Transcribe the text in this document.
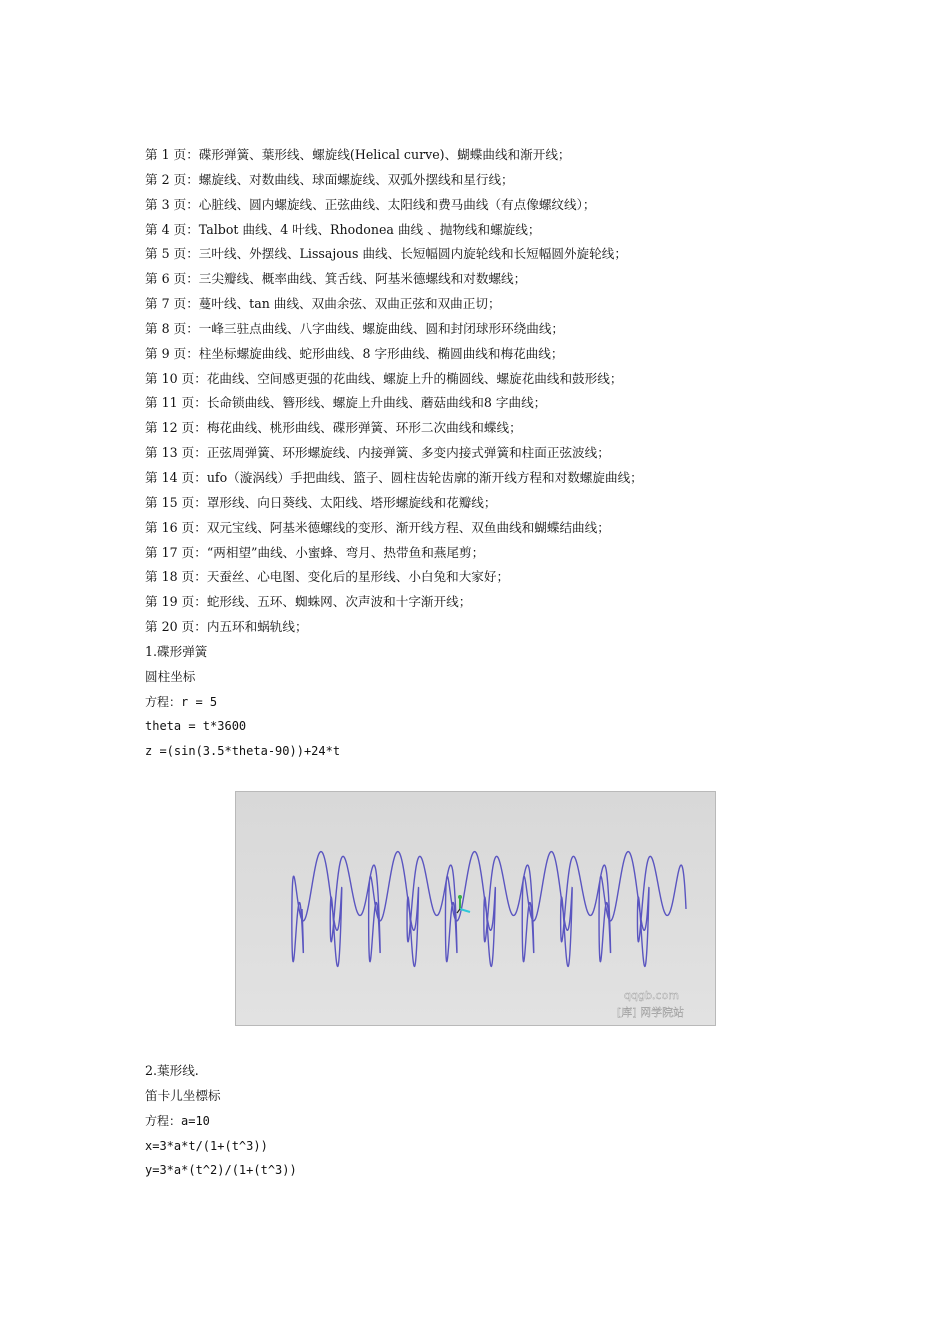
第 1 页：碟形弹簧、葉形线、螺旋线(Helical curve)、蝴蝶曲线和渐开线；
第 2 页：螺旋线、对数曲线、球面螺旋线、双弧外摆线和星行线；
第 3 页：心脏线、圆内螺旋线、正弦曲线、太阳线和费马曲线（有点像螺纹线）；
第 4 页：Talbot 曲线、4 叶线、Rhodonea 曲线 、抛物线和螺旋线；
第 5 页：三叶线、外摆线、Lissajous 曲线、长短幅圆内旋轮线和长短幅圆外旋轮线；
第 6 页：三尖瓣线、概率曲线、箕舌线、阿基米德螺线和对数螺线；
第 7 页：蔓叶线、tan 曲线、双曲余弦、双曲正弦和双曲正切；
第 8 页：一峰三驻点曲线、八字曲线、螺旋曲线、圆和封闭球形环绕曲线；
第 9 页：柱坐标螺旋曲线、蛇形曲线、8 字形曲线、椭圆曲线和梅花曲线；
第 10 页：花曲线、空间感更强的花曲线、螺旋上升的椭圆线、螺旋花曲线和鼓形线；
第 11 页：长命锁曲线、簪形线、螺旋上升曲线、蘑菇曲线和8 字曲线；
第 12 页：梅花曲线、桃形曲线、碟形弹簧、环形二次曲线和蝶线；
第 13 页：正弦周弹簧、环形螺旋线、内接弹簧、多变内接式弹簧和柱面正弦波线；
第 14 页：ufo（漩涡线）手把曲线、篮子、圆柱齿轮齿廓的渐开线方程和对数螺旋曲线；
第 15 页：罩形线、向日葵线、太阳线、塔形螺旋线和花瓣线；
第 16 页：双元宝线、阿基米德螺线的变形、渐开线方程、双鱼曲线和蝴蝶结曲线；
第 17 页：“两相望”曲线、小蜜蜂、弯月、热带鱼和燕尾剪；
第 18 页：天蚕丝、心电图、变化后的星形线、小白兔和大家好；
第 19 页：蛇形线、五环、蜘蛛网、次声波和十字渐开线；
第 20 页：内五环和蜗轨线；
1.碟形弹簧
圆柱坐标
方程：r = 5
theta = t*3600
z =(sin(3.5*theta-90))+24*t
qqgb.com
[库] 网学院站
2.葉形线.
笛卡儿坐標标
方程：a=10
x=3*a*t/(1+(t^3))
y=3*a*(t^2)/(1+(t^3))
